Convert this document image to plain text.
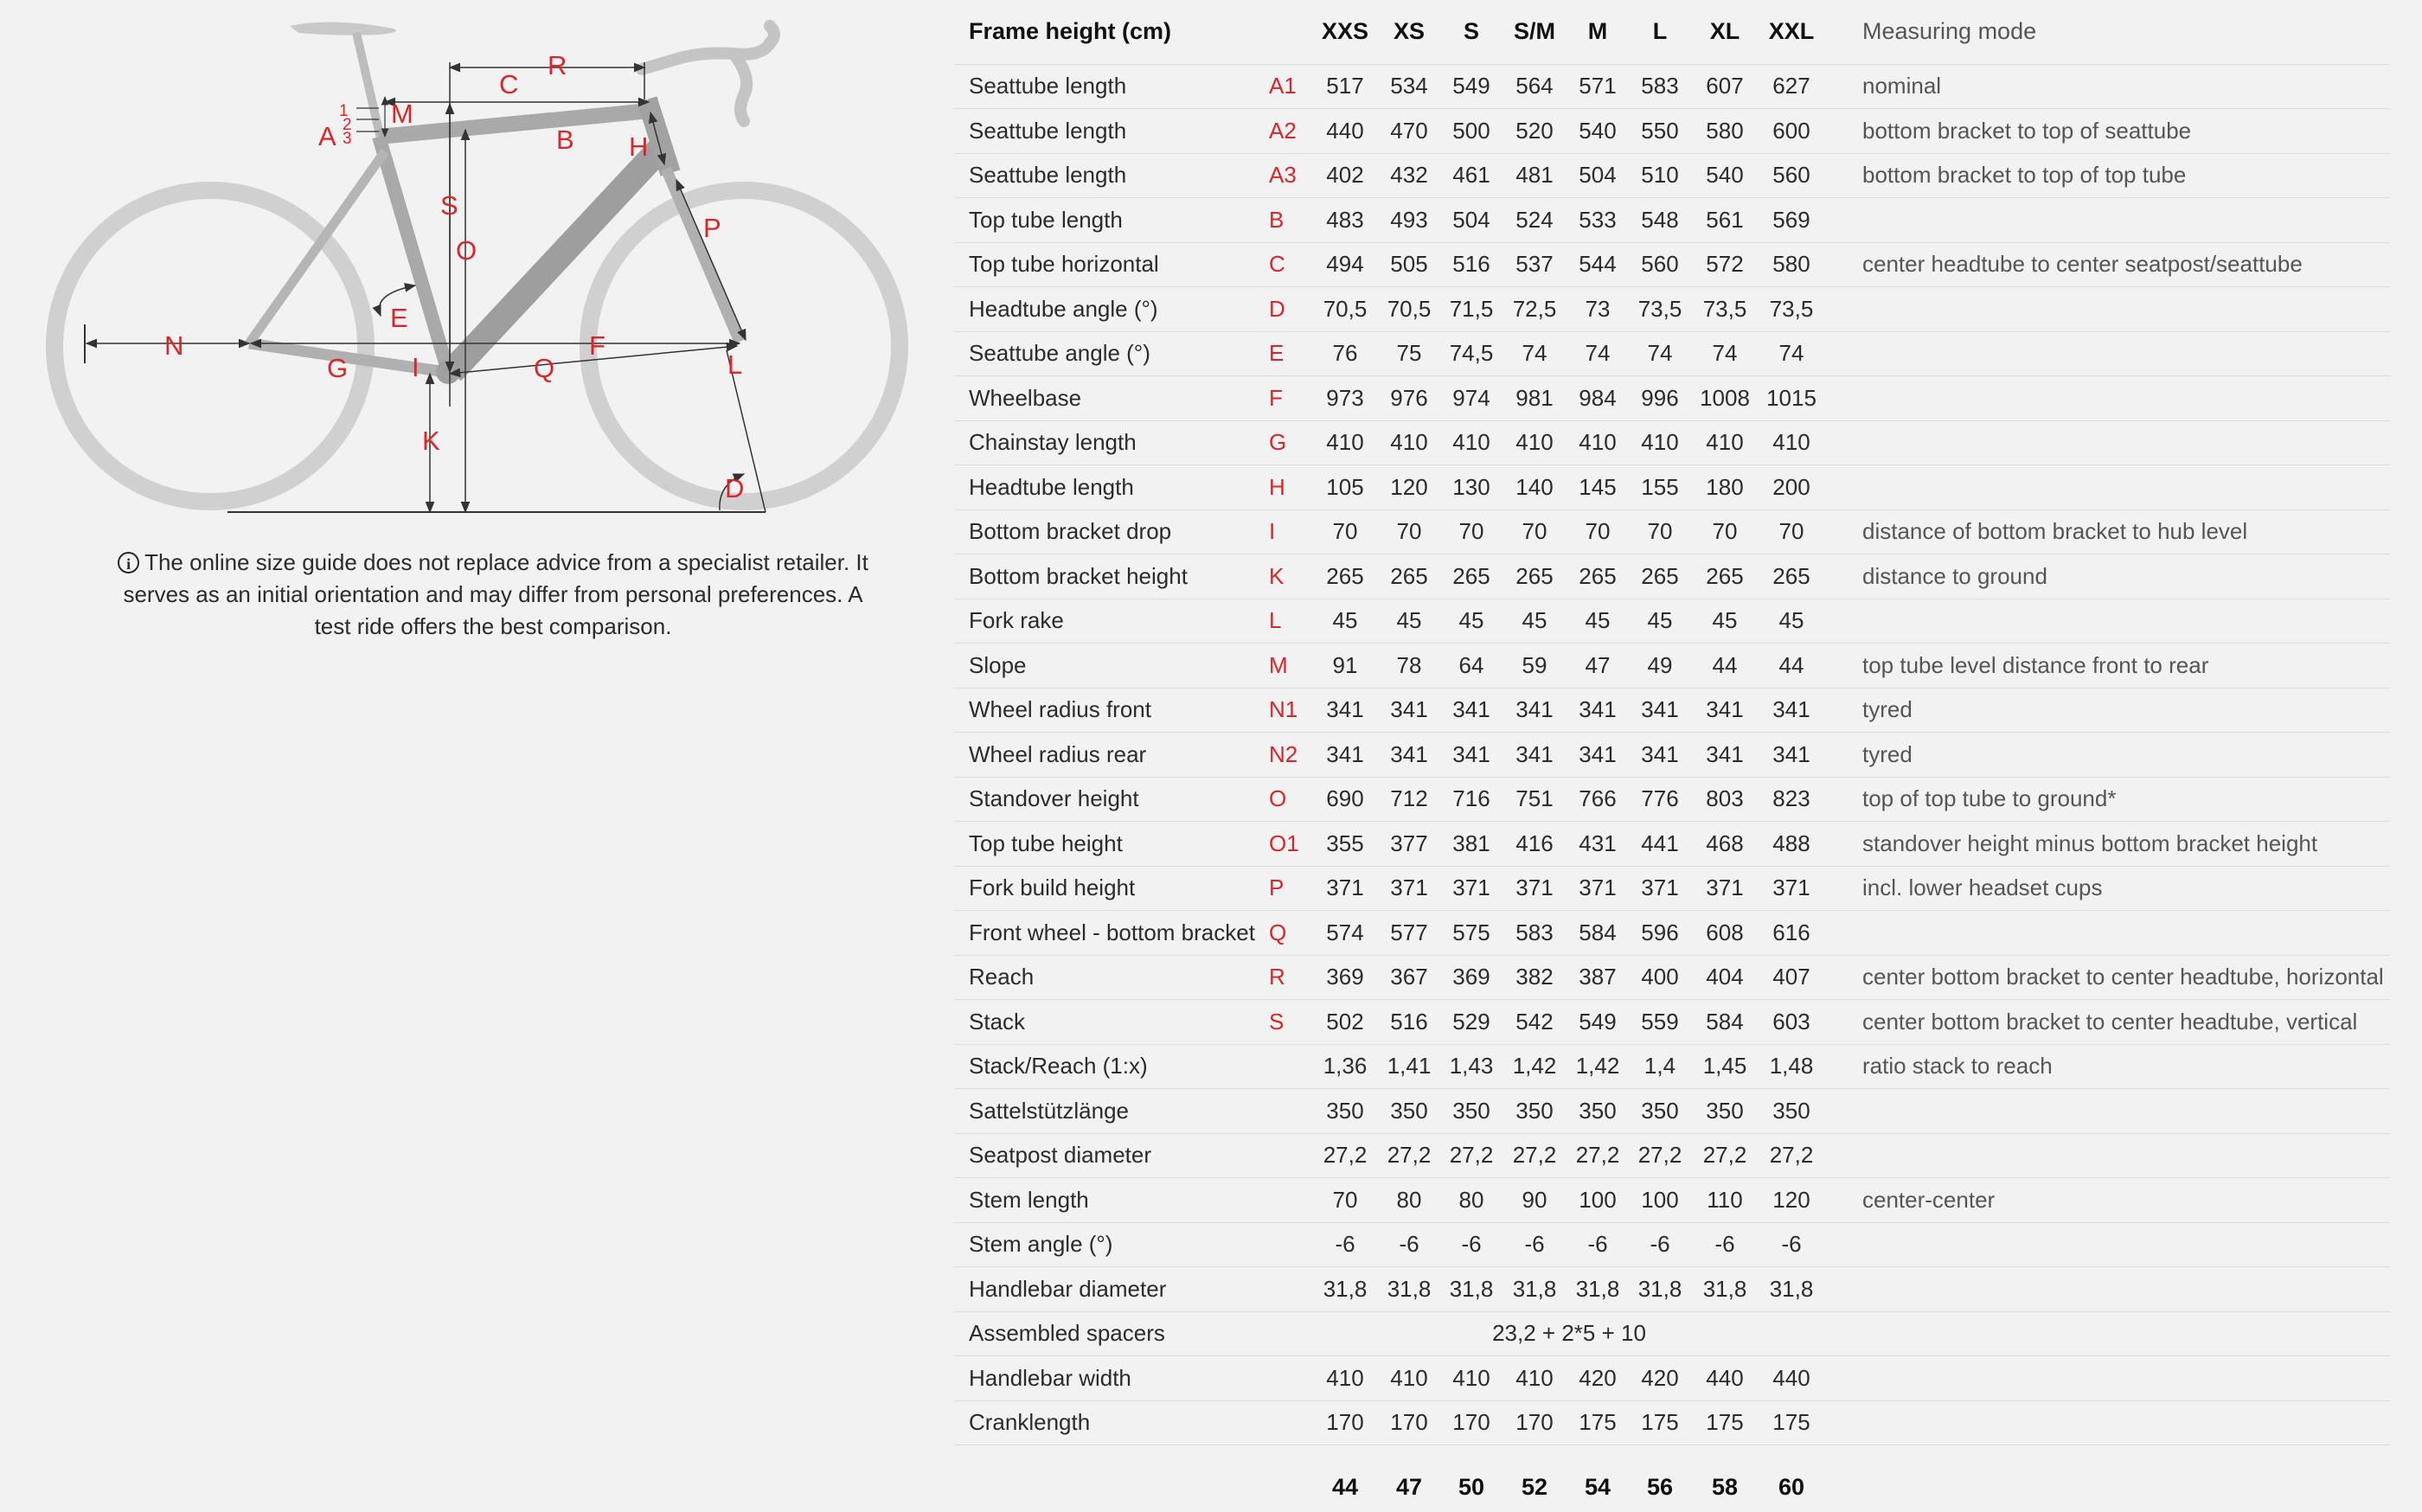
A
1
2
3
M
C
R
B H
S
O
P
E
N	F
G I	Q	L
K
D
i The online size guide does not replace advice from a specialist retailer. It serves as an initial orientation and may differ from personal preferences. A test ride offers the best comparison.
Frame height (cm)		XXS	XS	S	S/M	M	L	XL	XXL	Measuring mode
Seattube length	A1	517	534	549	564	571	583	607	627	nominal
Seattube length	A2	440	470	500	520	540	550	580	600	bottom bracket to top of seattube
Seattube length	A3	402	432	461	481	504	510	540	560	bottom bracket to top of top tube
Top tube length	B	483	493	504	524	533	548	561	569	
Top tube horizontal	C	494	505	516	537	544	560	572	580	center headtube to center seatpost/seattube
Headtube angle (°)	D	70,5	70,5	71,5	72,5	73	73,5	73,5	73,5	
Seattube angle (°)	E	76	75	74,5	74	74	74	74	74	
Wheelbase	F	973	976	974	981	984	996	1008	1015	
Chainstay length	G	410	410	410	410	410	410	410	410	
Headtube length	H	105	120	130	140	145	155	180	200	
Bottom bracket drop	I	70	70	70	70	70	70	70	70	distance of bottom bracket to hub level
Bottom bracket height	K	265	265	265	265	265	265	265	265	distance to ground
Fork rake	L	45	45	45	45	45	45	45	45	
Slope	M	91	78	64	59	47	49	44	44	top tube level distance front to rear
Wheel radius front	N1	341	341	341	341	341	341	341	341	tyred
Wheel radius rear	N2	341	341	341	341	341	341	341	341	tyred
Standover height	O	690	712	716	751	766	776	803	823	top of top tube to ground*
Top tube height	O1	355	377	381	416	431	441	468	488	standover height minus bottom bracket height
Fork build height	P	371	371	371	371	371	371	371	371	incl. lower headset cups
Front wheel - bottom bracket	Q	574	577	575	583	584	596	608	616	
Reach	R	369	367	369	382	387	400	404	407	center bottom bracket to center headtube, horizontal
Stack	S	502	516	529	542	549	559	584	603	center bottom bracket to center headtube, vertical
Stack/Reach (1:x)		1,36	1,41	1,43	1,42	1,42	1,4	1,45	1,48	ratio stack to reach
Sattelstützlänge		350	350	350	350	350	350	350	350	
Seatpost diameter		27,2	27,2	27,2	27,2	27,2	27,2	27,2	27,2	
Stem length		70	80	80	90	100	100	110	120	center-center
Stem angle (°)		-6	-6	-6	-6	-6	-6	-6	-6	
Handlebar diameter		31,8	31,8	31,8	31,8	31,8	31,8	31,8	31,8	
Assembled spacers		23,2 + 2*5 + 10								
Handlebar width		410	410	410	410	420	420	440	440	
Cranklength		170	170	170	170	175	175	175	175	
		44	47	50	52	54	56	58	60	
